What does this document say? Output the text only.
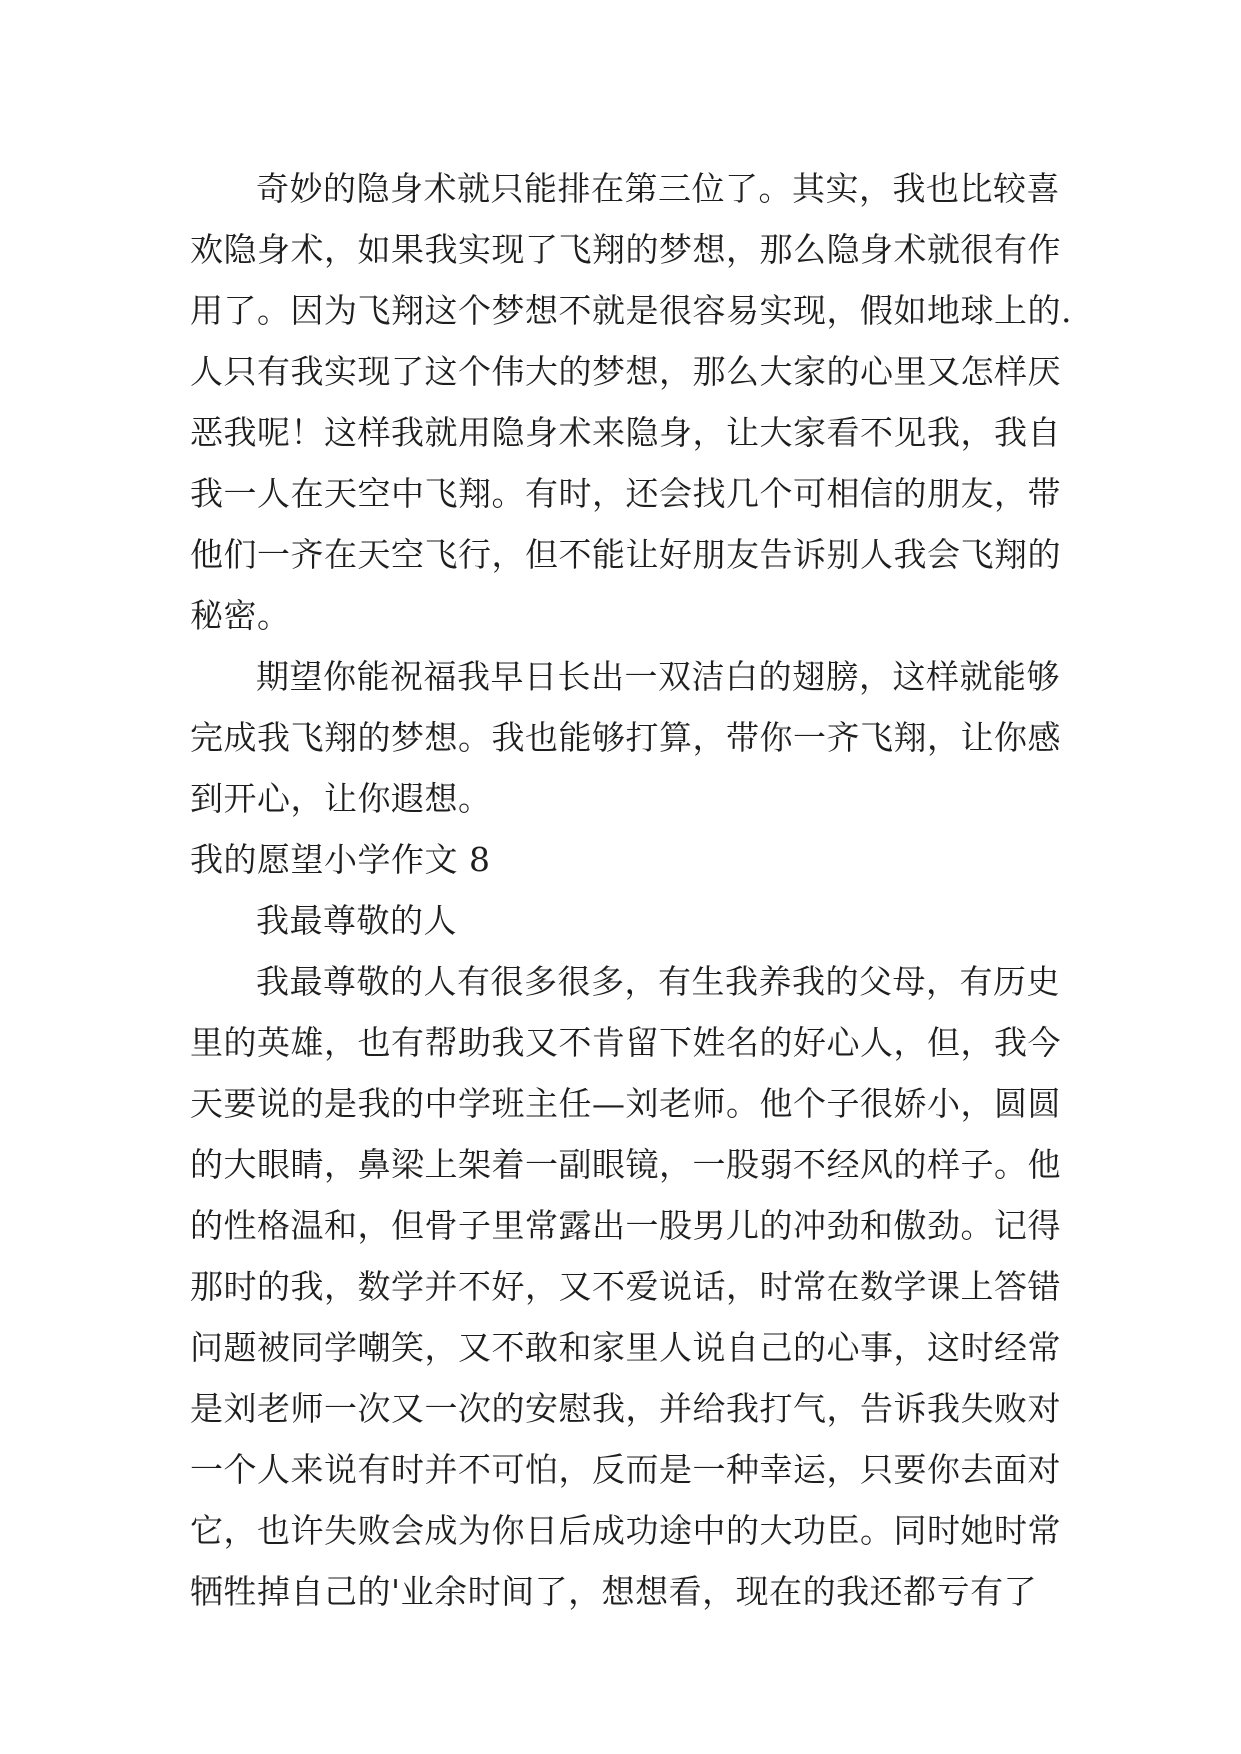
奇妙的隐身术就只能排在第三位了。其实，我也比较喜
欢隐身术，如果我实现了飞翔的梦想，那么隐身术就很有作
用了。因为飞翔这个梦想不就是很容易实现，假如地球上的.
人只有我实现了这个伟大的梦想，那么大家的心里又怎样厌
恶我呢！这样我就用隐身术来隐身，让大家看不见我，我自
我一人在天空中飞翔。有时，还会找几个可相信的朋友，带
他们一齐在天空飞行，但不能让好朋友告诉别人我会飞翔的
秘密。
期望你能祝福我早日长出一双洁白的翅膀，这样就能够
完成我飞翔的梦想。我也能够打算，带你一齐飞翔，让你感
到开心，让你遐想。
我的愿望小学作文 8
我最尊敬的人
我最尊敬的人有很多很多，有生我养我的父母，有历史
里的英雄，也有帮助我又不肯留下姓名的好心人，但，我今
天要说的是我的中学班主任—刘老师。他个子很娇小，圆圆
的大眼睛，鼻梁上架着一副眼镜，一股弱不经风的样子。他
的性格温和，但骨子里常露出一股男儿的冲劲和傲劲。记得
那时的我，数学并不好，又不爱说话，时常在数学课上答错
问题被同学嘲笑，又不敢和家里人说自己的心事，这时经常
是刘老师一次又一次的安慰我，并给我打气，告诉我失败对
一个人来说有时并不可怕，反而是一种幸运，只要你去面对
它，也许失败会成为你日后成功途中的大功臣。同时她时常
牺牲掉自己的'业余时间了，想想看，现在的我还都亏有了
